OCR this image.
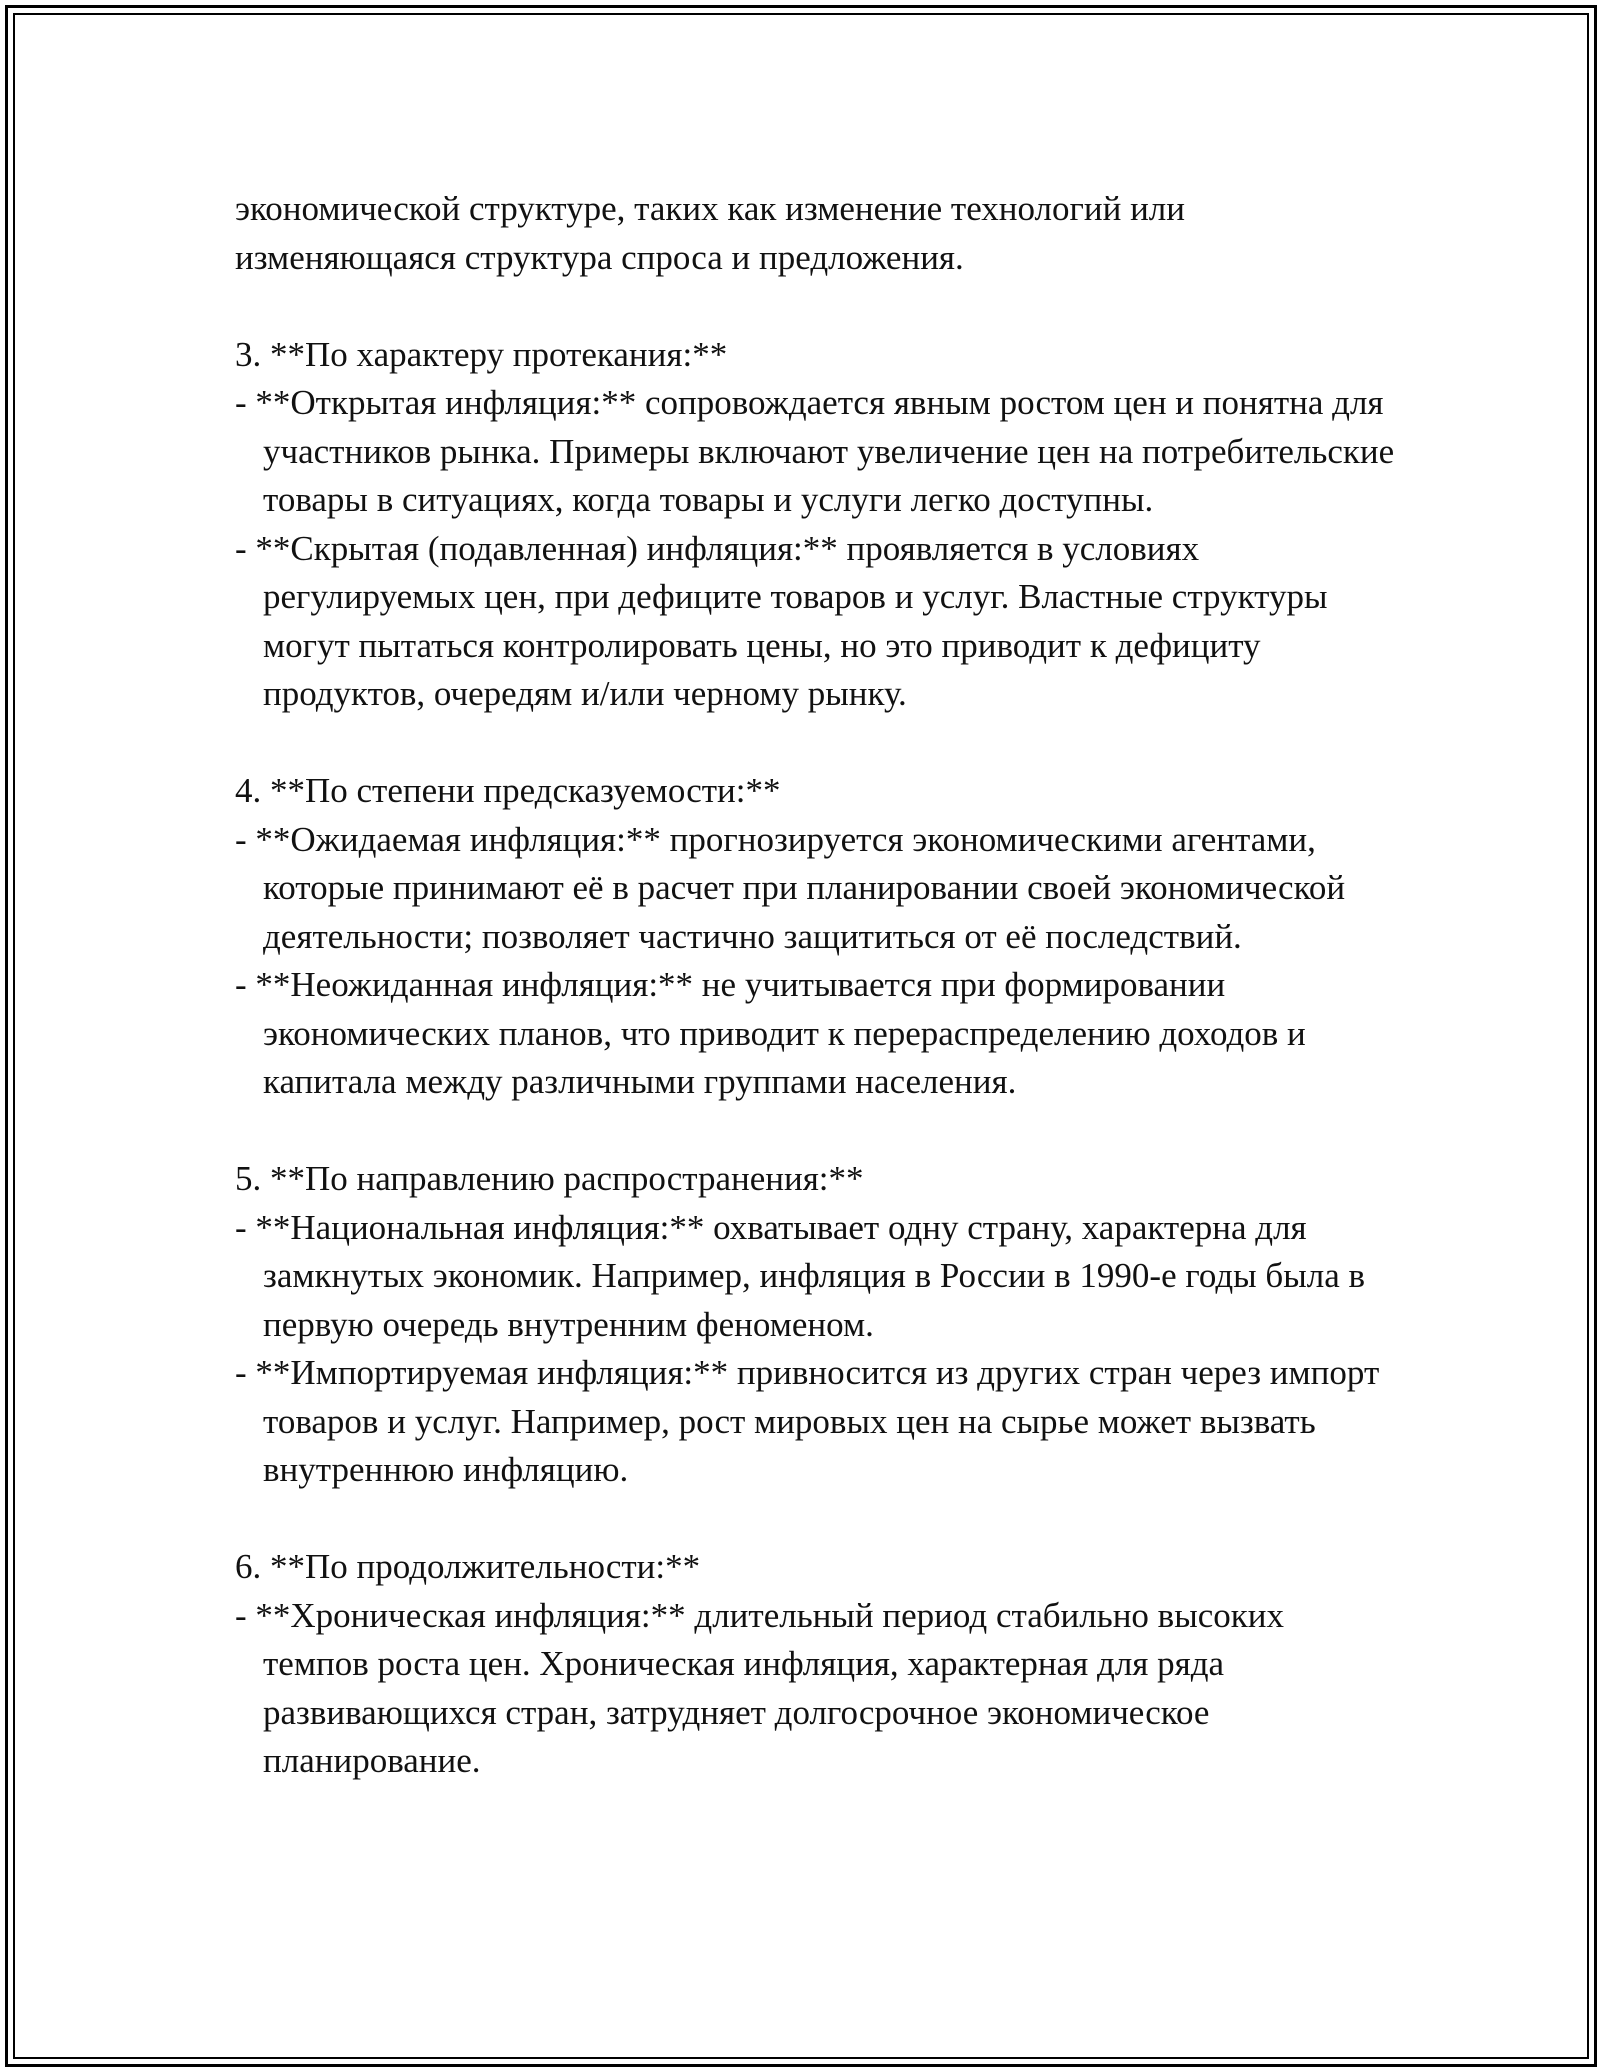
экономической структуре, таких как изменение технологий или

изменяющаяся структура спроса и предложения.

3. **По характеру протекания:**

- **Открытая инфляция:** сопровождается явным ростом цен и понятна для участников рынка. Примеры включают увеличение цен на потребительские товары в ситуациях, когда товары и услуги легко доступны.

- **Скрытая (подавленная) инфляция:** проявляется в условиях регулируемых цен, при дефиците товаров и услуг. Властные структуры могут пытаться контролировать цены, но это приводит к дефициту продуктов, очередям и/или черному рынку.

4. **По степени предсказуемости:**

- **Ожидаемая инфляция:** прогнозируется экономическими агентами, которые принимают её в расчет при планировании своей экономической деятельности; позволяет частично защититься от её последствий.

- **Неожиданная инфляция:** не учитывается при формировании экономических планов, что приводит к перераспределению доходов и капитала между различными группами населения.

5. **По направлению распространения:**

- **Национальная инфляция:** охватывает одну страну, характерна для замкнутых экономик. Например, инфляция в России в 1990-е годы была в первую очередь внутренним феноменом.

- **Импортируемая инфляция:** привносится из других стран через импорт товаров и услуг. Например, рост мировых цен на сырье может вызвать внутреннюю инфляцию.

6. **По продолжительности:**

- **Хроническая инфляция:** длительный период стабильно высоких темпов роста цен. Хроническая инфляция, характерная для ряда развивающихся стран, затрудняет долгосрочное экономическое планирование.
